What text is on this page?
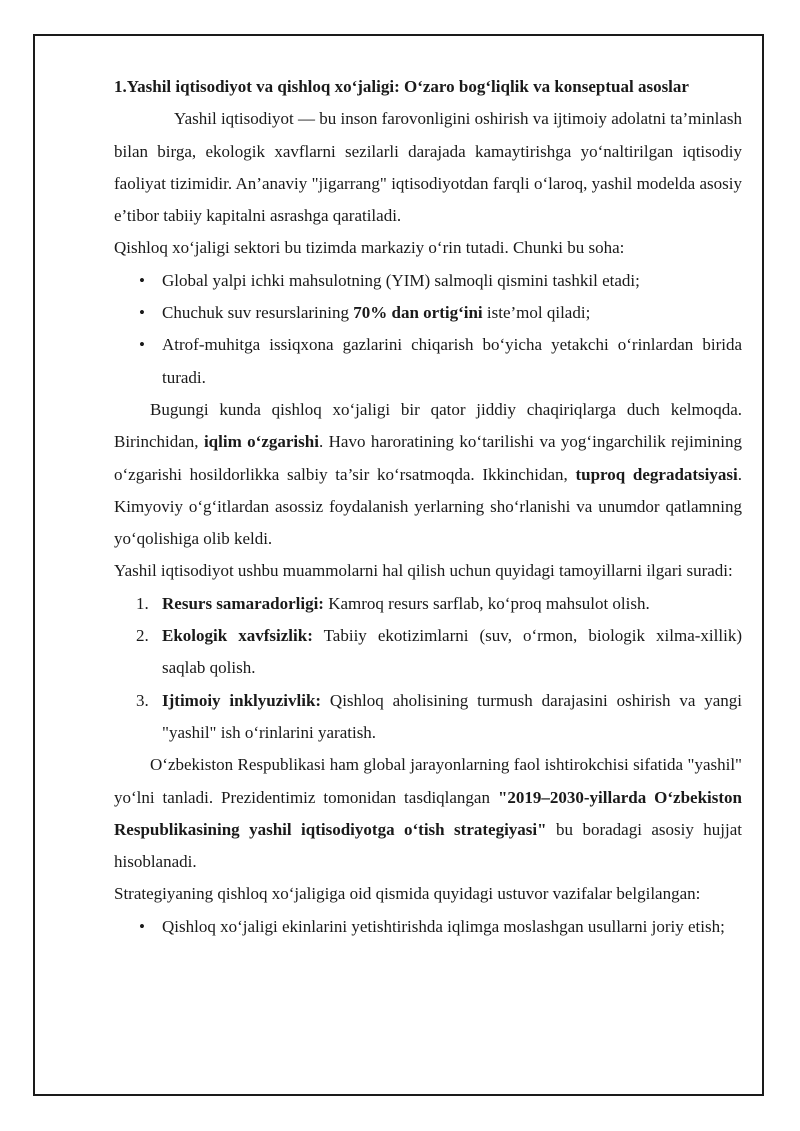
1.Yashil iqtisodiyot va qishloq xo‘jaligi: O‘zaro bog‘liqlik va konseptual asoslar

Yashil iqtisodiyot — bu inson farovonligini oshirish va ijtimoiy adolatni ta’minlash bilan birga, ekologik xavflarni sezilarli darajada kamaytirishga yo‘naltirilgan iqtisodiy faoliyat tizimidir. An’anaviy "jigarrang" iqtisodiyotdan farqli o‘laroq, yashil modelda asosiy e’tibor tabiiy kapitalni asrashga qaratiladi.

Qishloq xo‘jaligi sektori bu tizimda markaziy o‘rin tutadi. Chunki bu soha:

• Global yalpi ichki mahsulotning (YIM) salmoqli qismini tashkil etadi;
• Chuchuk suv resurslarining 70% dan ortig‘ini iste’mol qiladi;
• Atrof-muhitga issiqxona gazlarini chiqarish bo‘yicha yetakchi o‘rinlardan birida turadi.

Bugungi kunda qishloq xo‘jaligi bir qator jiddiy chaqiriqlarga duch kelmoqda. Birinchidan, iqlim o‘zgarishi. Havo haroratining ko‘tarilishi va yog‘ingarchilik rejimining o‘zgarishi hosildorlikka salbiy ta’sir ko‘rsatmoqda. Ikkinchidan, tuproq degradatsiyasi. Kimyoviy o‘g‘itlardan asossiz foydalanish yerlarning sho‘rlanishi va unumdor qatlamning yo‘qolishiga olib keldi.

Yashil iqtisodiyot ushbu muammolarni hal qilish uchun quyidagi tamoyillarni ilgari suradi:

1. Resurs samaradorligi: Kamroq resurs sarflab, ko‘proq mahsulot olish.
2. Ekologik xavfsizlik: Tabiiy ekotizimlarni (suv, o‘rmon, biologik xilma-xillik) saqlab qolish.
3. Ijtimoiy inklyuzivlik: Qishloq aholisining turmush darajasini oshirish va yangi "yashil" ish o‘rinlarini yaratish.

O‘zbekiston Respublikasi ham global jarayonlarning faol ishtirokchisi sifatida "yashil" yo‘lni tanladi. Prezidentimiz tomonidan tasdiqlangan "2019–2030-yillarda O‘zbekiston Respublikasining yashil iqtisodiyotga o‘tish strategiyasi" bu boradagi asosiy hujjat hisoblanadi.

Strategiyaning qishloq xo‘jaligiga oid qismida quyidagi ustuvor vazifalar belgilangan:

• Qishloq xo‘jaligi ekinlarini yetishtirishda iqlimga moslashgan usullarni joriy etish;
